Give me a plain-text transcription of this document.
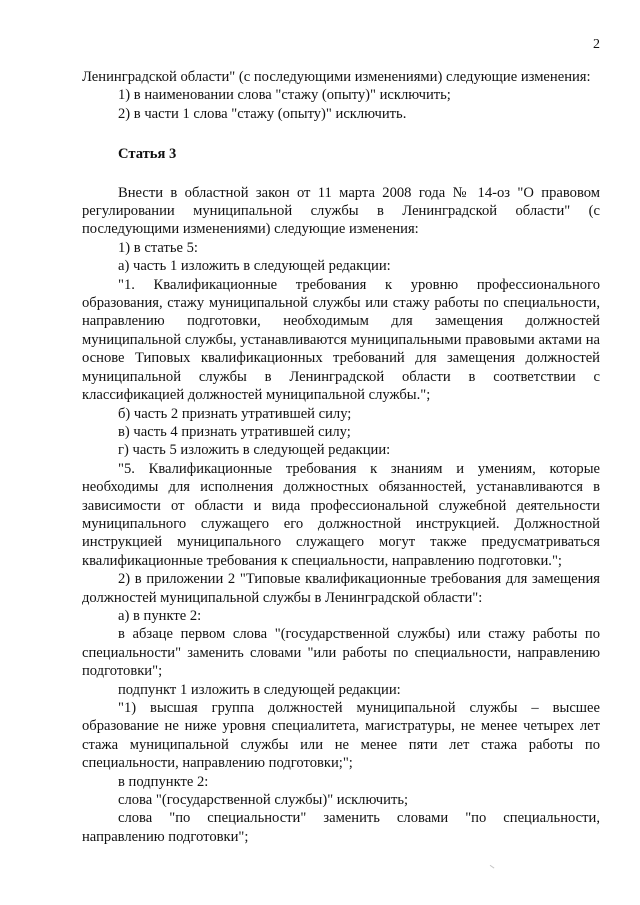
2

Ленинградской области" (с последующими изменениями) следующие изменения:

1) в наименовании слова "стажу (опыту)" исключить;

2) в части 1 слова "стажу (опыту)" исключить.

Статья 3

Внести в областной закон от 11 марта 2008 года № 14-оз "О правовом регулировании муниципальной службы в Ленинградской области" (с последующими изменениями) следующие изменения:

1) в статье 5:

а) часть 1 изложить в следующей редакции:

"1. Квалификационные требования к уровню профессионального образования, стажу муниципальной службы или стажу работы по специальности, направлению подготовки, необходимым для замещения должностей муниципальной службы, устанавливаются муниципальными правовыми актами на основе Типовых квалификационных требований для замещения должностей муниципальной службы в Ленинградской области в соответствии с классификацией должностей муниципальной службы.";

б) часть 2 признать утратившей силу;

в) часть 4 признать утратившей силу;

г) часть 5 изложить в следующей редакции:

"5. Квалификационные требования к знаниям и умениям, которые необходимы для исполнения должностных обязанностей, устанавливаются в зависимости от области и вида профессиональной служебной деятельности муниципального служащего его должностной инструкцией. Должностной инструкцией муниципального служащего могут также предусматриваться квалификационные требования к специальности, направлению подготовки.";

2) в приложении 2 "Типовые квалификационные требования для замещения должностей муниципальной службы в Ленинградской области":

а) в пункте 2:

в абзаце первом слова "(государственной службы) или стажу работы по специальности" заменить словами "или работы по специальности, направлению подготовки";

подпункт 1 изложить в следующей редакции:

"1) высшая группа должностей муниципальной службы – высшее образование не ниже уровня специалитета, магистратуры, не менее четырех лет стажа муниципальной службы или не менее пяти лет стажа работы по специальности, направлению подготовки;";

в подпункте 2:

слова "(государственной службы)" исключить;

слова "по специальности" заменить словами "по специальности, направлению подготовки";
